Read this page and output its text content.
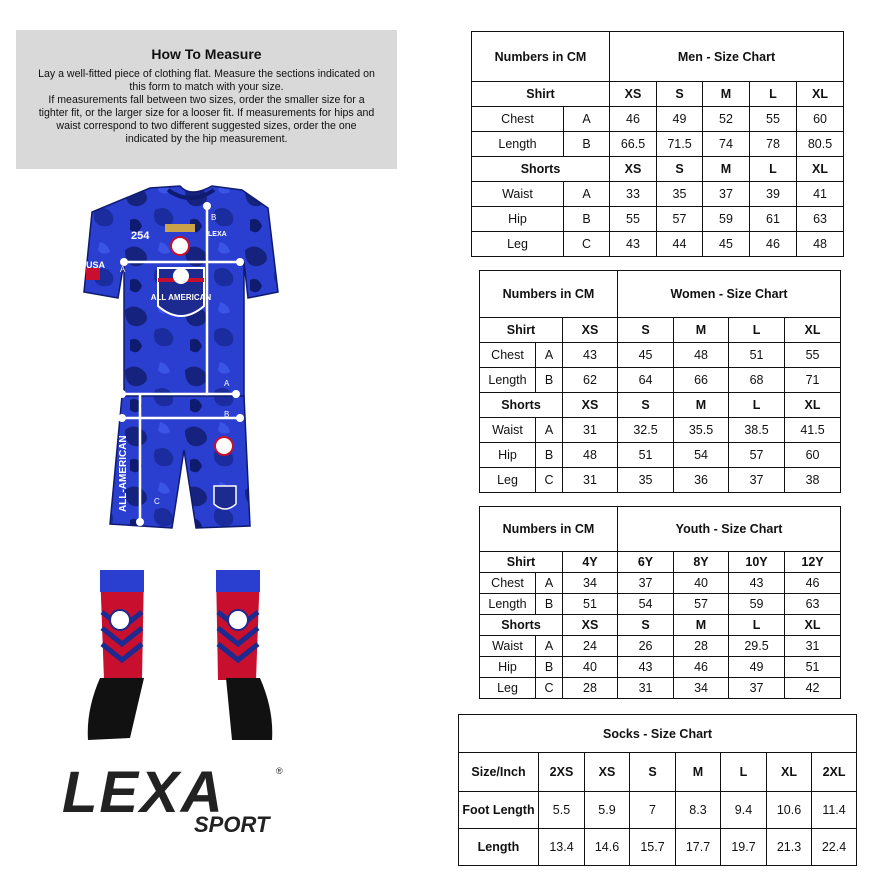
How To Measure

Lay a well-fitted piece of clothing flat. Measure the sections indicated on

this form to match with your size.

If measurements fall between two sizes, order the smaller size for a

tighter fit, or the larger size for a looser fit. If measurements for hips and

waist correspond to two different suggested sizes, order the one

indicated by the hip measurement.

USA
254	LEXA
ALL AMERICAN
A
B
ALL-AMERICAN
A
B
C
LEXA	®
SPORT
Numbers in CM		Men - Size Chart				
Shirt		XS	S	M	L	XL
Chest	A	46	49	52	55	60
Length	B	66.5	71.5	74	78	80.5
Shorts		XS	S	M	L	XL
Waist	A	33	35	37	39	41
Hip	B	55	57	59	61	63
Leg	C	43	44	45	46	48
Numbers in CM			Women - Size Chart			
Shirt		XS	S	M	L	XL
Chest	A	43	45	48	51	55
Length	B	62	64	66	68	71
Shorts		XS	S	M	L	XL
Waist	A	31	32.5	35.5	38.5	41.5
Hip	B	48	51	54	57	60
Leg	C	31	35	36	37	38
Numbers in CM			Youth - Size Chart			
Shirt		4Y	6Y	8Y	10Y	12Y
Chest	A	34	37	40	43	46
Length	B	51	54	57	59	63
Shorts		XS	S	M	L	XL
Waist	A	24	26	28	29.5	31
Hip	B	40	43	46	49	51
Leg	C	28	31	34	37	42
Socks - Size Chart							
Size/Inch	2XS	XS	S	M	L	XL	2XL
Foot Length	5.5	5.9	7	8.3	9.4	10.6	11.4
Length	13.4	14.6	15.7	17.7	19.7	21.3	22.4
